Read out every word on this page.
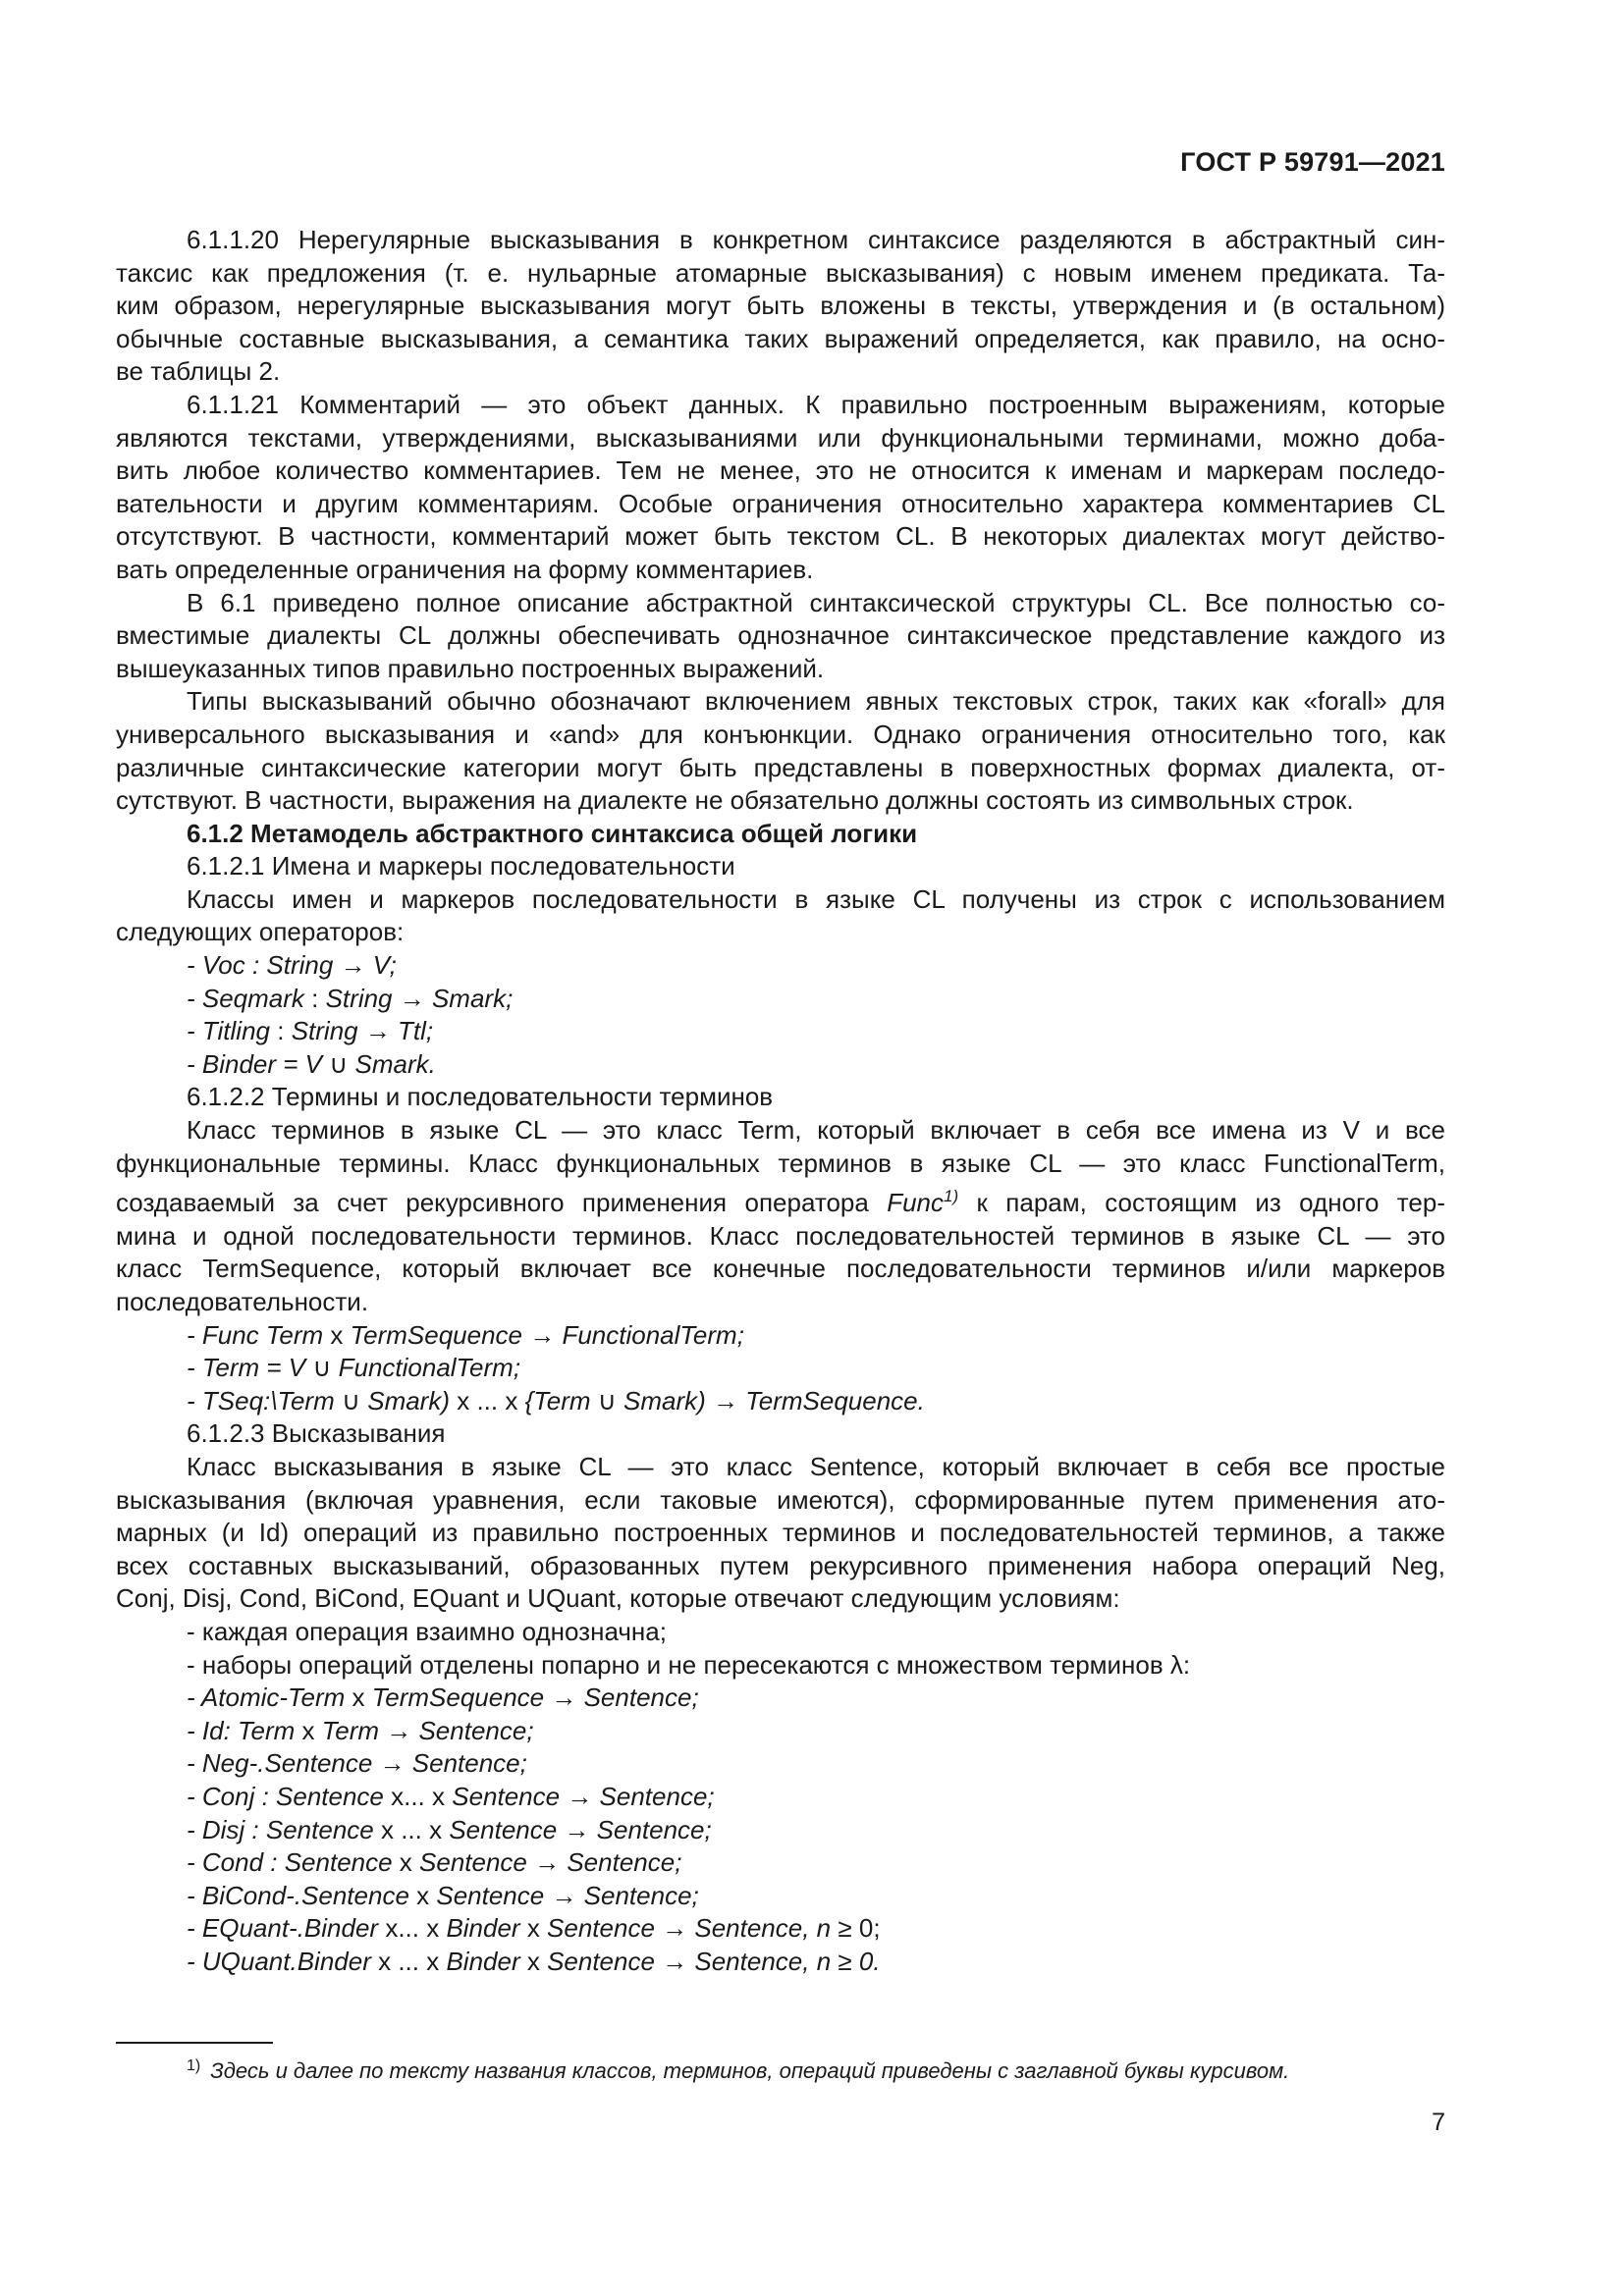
ГОСТ Р 59791—2021

6.1.1.20 Нерегулярные высказывания в конкретном синтаксисе разделяются в абстрактный син-

таксис как предложения (т. е. нульарные атомарные высказывания) с новым именем предиката. Та-

ким образом, нерегулярные высказывания могут быть вложены в тексты, утверждения и (в остальном)

обычные составные высказывания, а семантика таких выражений определяется, как правило, на осно-

ве таблицы 2.

6.1.1.21 Комментарий — это объект данных. К правильно построенным выражениям, которые

являются текстами, утверждениями, высказываниями или функциональными терминами, можно доба-

вить любое количество комментариев. Тем не менее, это не относится к именам и маркерам последо-

вательности и другим комментариям. Особые ограничения относительно характера комментариев CL

отсутствуют. В частности, комментарий может быть текстом CL. В некоторых диалектах могут действо-

вать определенные ограничения на форму комментариев.

В 6.1 приведено полное описание абстрактной синтаксической структуры CL. Все полностью со-

вместимые диалекты CL должны обеспечивать однозначное синтаксическое представление каждого из

вышеуказанных типов правильно построенных выражений.

Типы высказываний обычно обозначают включением явных текстовых строк, таких как «forall» для

универсального высказывания и «and» для конъюнкции. Однако ограничения относительно того, как

различные синтаксические категории могут быть представлены в поверхностных формах диалекта, от-

сутствуют. В частности, выражения на диалекте не обязательно должны состоять из символьных строк.

6.1.2 Метамодель абстрактного синтаксиса общей логики

6.1.2.1 Имена и маркеры последовательности

Классы имен и маркеров последовательности в языке CL получены из строк с использованием

следующих операторов:

- Voc : String → V;

- Seqmark : String → Smark;

- Titling : String → Ttl;

- Binder = V ∪ Smark.

6.1.2.2 Термины и последовательности терминов

Класс терминов в языке CL — это класс Term, который включает в себя все имена из V и все

функциональные термины. Класс функциональных терминов в языке CL — это класс FunctionalTerm,

создаваемый за счет рекурсивного применения оператора Func$^{1)}$ к парам, состоящим из одного тер-

мина и одной последовательности терминов. Класс последовательностей терминов в языке CL — это

класс TermSequence, который включает все конечные последовательности терминов и/или маркеров

последовательности.

- Func Term x TermSequence → FunctionalTerm;

- Term = V ∪ FunctionalTerm;

- TSeq:\Term ∪ Smark) x ... x {Term ∪ Smark) → TermSequence.

6.1.2.3 Высказывания

Класс высказывания в языке CL — это класс Sentence, который включает в себя все простые

высказывания (включая уравнения, если таковые имеются), сформированные путем применения ато-

марных (и Id) операций из правильно построенных терминов и последовательностей терминов, а также

всех составных высказываний, образованных путем рекурсивного применения набора операций Neg,

Conj, Disj, Cond, BiCond, EQuant и UQuant, которые отвечают следующим условиям:

- каждая операция взаимно однозначна;

- наборы операций отделены попарно и не пересекаются с множеством терминов λ:

- Atomic-Term x TermSequence → Sentence;

- Id: Term x Term → Sentence;

- Neg-.Sentence → Sentence;

- Conj : Sentence x... x Sentence → Sentence;

- Disj : Sentence x ... x Sentence → Sentence;

- Cond : Sentence x Sentence → Sentence;

- BiCond-.Sentence x Sentence → Sentence;

- EQuant-.Binder x... x Binder x Sentence → Sentence, n ≥ 0;

- UQuant.Binder x ... x Binder x Sentence → Sentence, n ≥ 0.

$^{1)}$ Здесь и далее по тексту названия классов, терминов, операций приведены с заглавной буквы курсивом.
7
